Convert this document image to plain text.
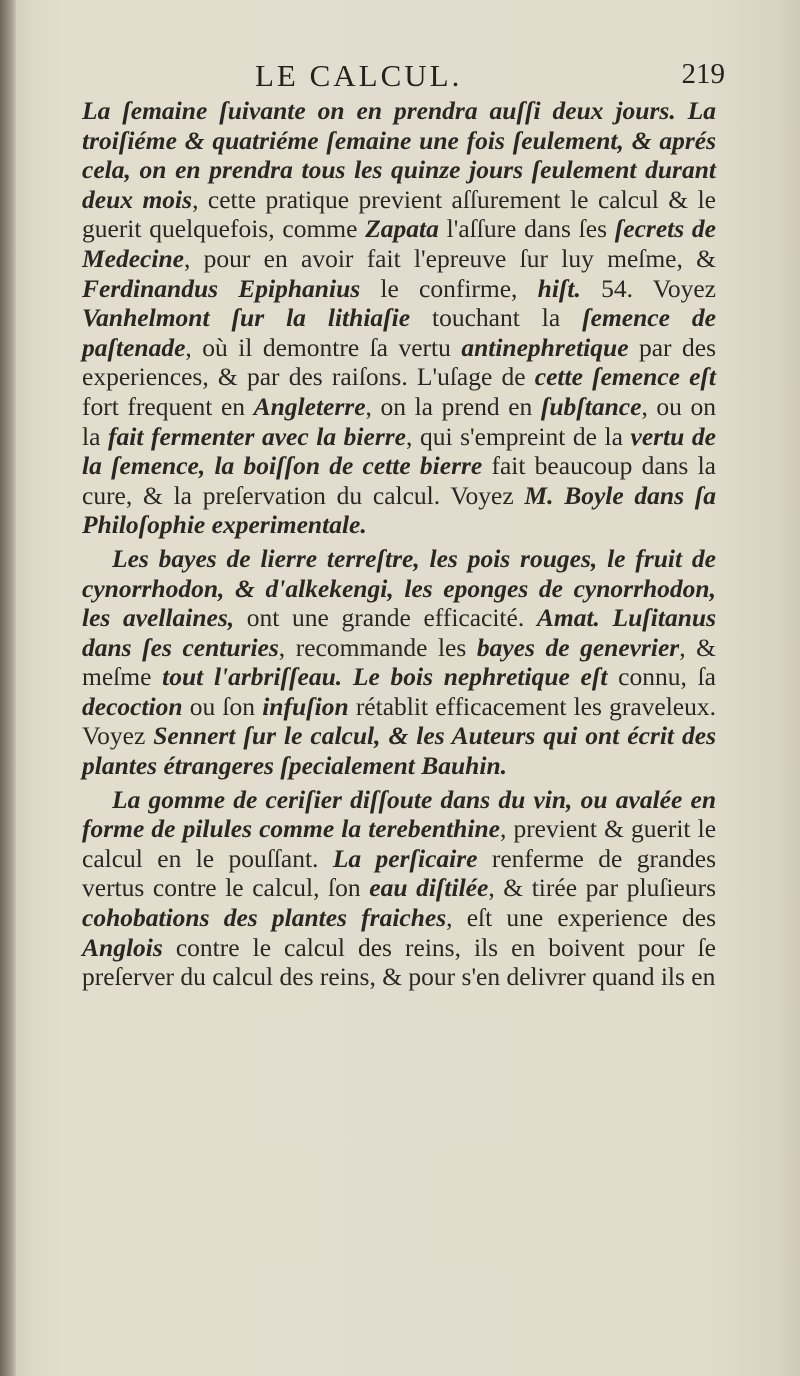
LE CALCUL.	219

La ſemaine ſuivante on en prendra auſſi deux jours. La troiſiéme & quatriéme ſemaine une fois ſeulement, & aprés cela, on en prendra tous les quinze jours ſeulement durant deux mois, cette pratique previent aſſurement le calcul & le guerit quelquefois, comme Zapata l'aſſure dans ſes ſecrets de Medecine, pour en avoir fait l'epreuve ſur luy meſme, & Ferdinandus Epiphanius le confirme, hiſt. 54. Voyez Vanhelmont ſur la lithiaſie touchant la ſemence de paſtenade, où il demontre ſa vertu antinephretique par des experiences, & par des raiſons. L'uſage de cette ſemence eſt fort frequent en Angleterre, on la prend en ſubſtance, ou on la fait fermenter avec la bierre, qui s'empreint de la vertu de la ſemence, la boiſſon de cette bierre fait beaucoup dans la cure, & la preſervation du calcul. Voyez M. Boyle dans ſa Philoſophie experimentale.

Les bayes de lierre terreſtre, les pois rouges, le fruit de cynorrhodon, & d'alkekengi, les eponges de cynorrhodon, les avellaines, ont une grande efficacité. Amat. Luſitanus dans ſes centuries, recommande les bayes de genevrier, & meſme tout l'arbriſſeau. Le bois nephretique eſt connu, ſa decoction ou ſon infuſion rétablit efficacement les graveleux. Voyez Sennert ſur le calcul, & les Auteurs qui ont écrit des plantes étrangeres ſpecialement Bauhin.

La gomme de ceriſier diſſoute dans du vin, ou avalée en forme de pilules comme la terebenthine, previent & guerit le calcul en le pouſſant. La perſicaire renferme de grandes vertus contre le calcul, ſon eau diſtilée, & tirée par pluſieurs cohobations des plantes fraiches, eſt une experience des Anglois contre le calcul des reins, ils en boivent pour ſe preſerver du calcul des reins, & pour s'en delivrer quand ils en
